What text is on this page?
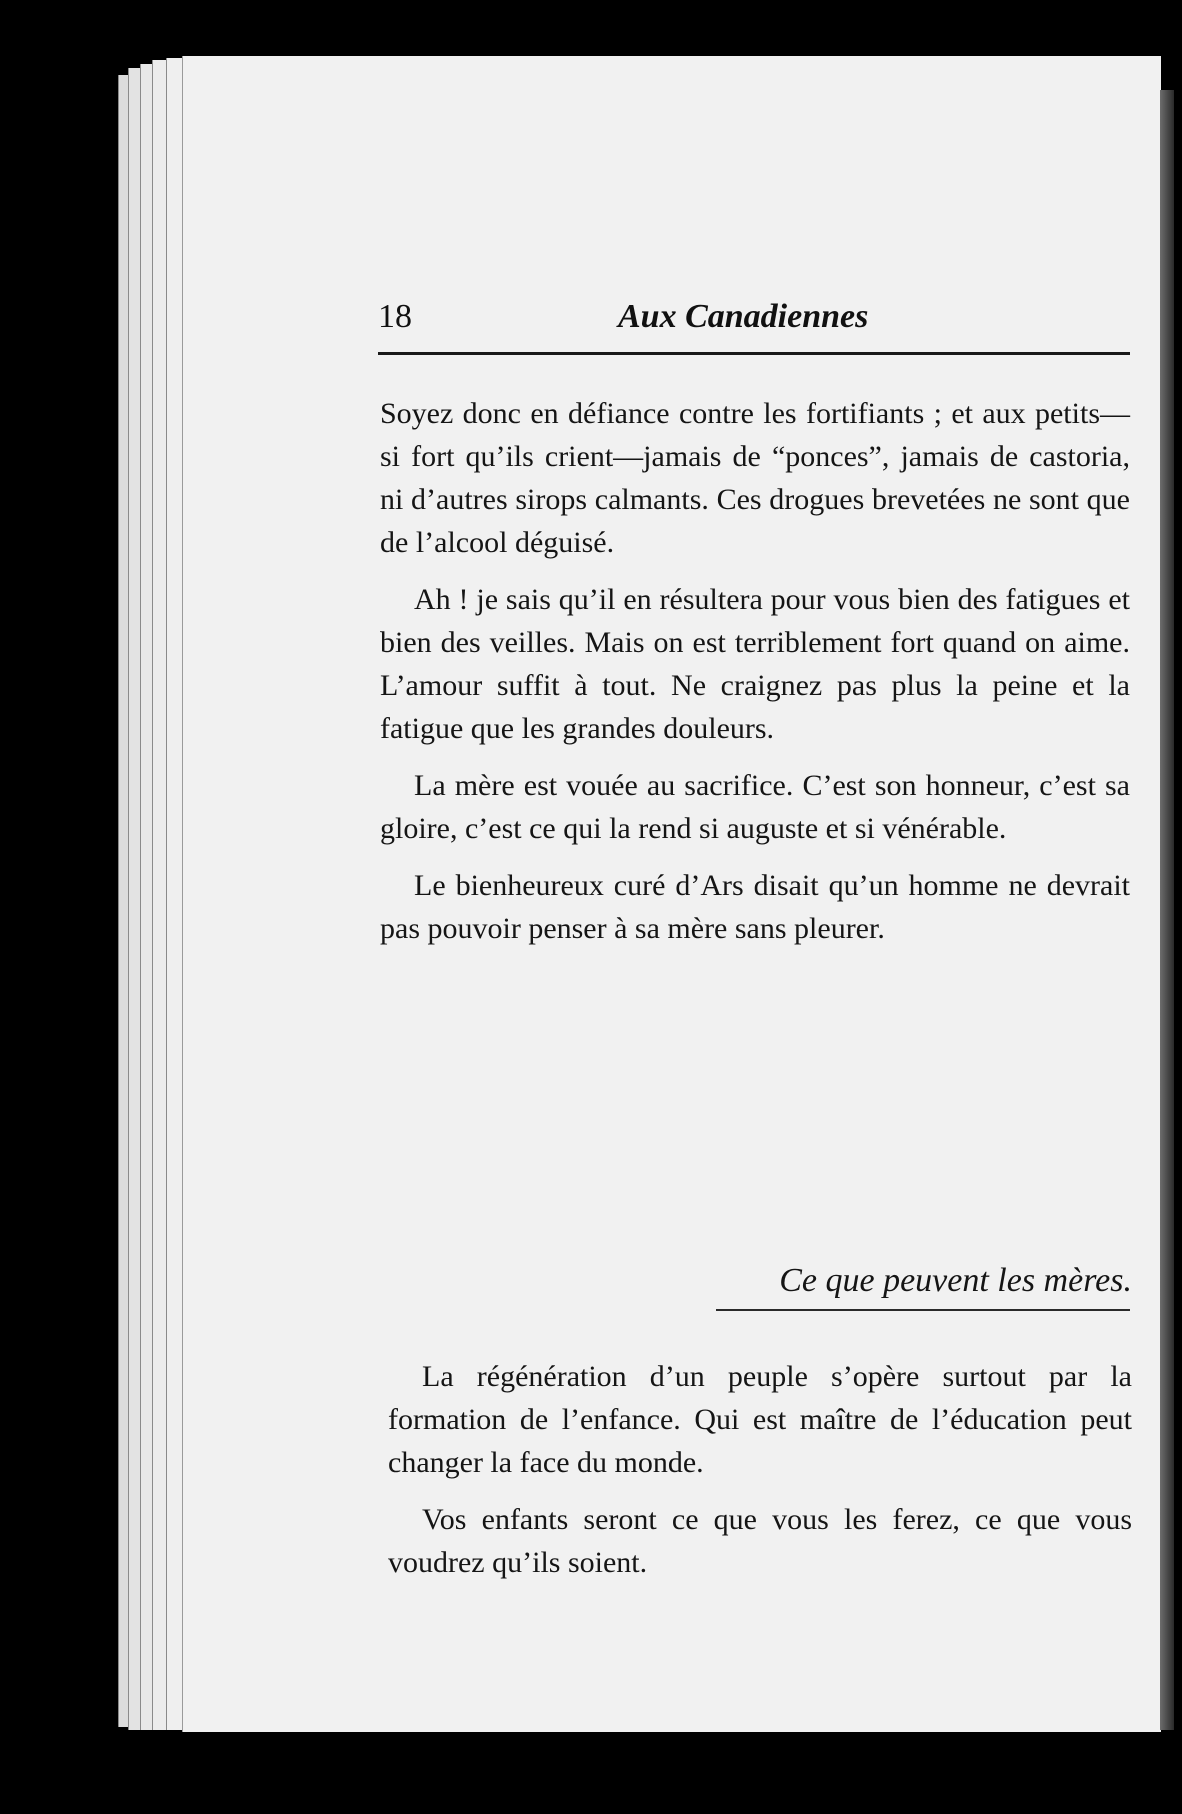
18	Aux Canadiennes

Soyez donc en défiance contre les fortifiants ; et aux petits—si fort qu’ils crient—jamais de “ponces”, jamais de castoria, ni d’autres sirops calmants. Ces drogues brevetées ne sont que de l’alcool déguisé.

Ah ! je sais qu’il en résultera pour vous bien des fatigues et bien des veilles. Mais on est terriblement fort quand on aime. L’amour suffit à tout. Ne craignez pas plus la peine et la fatigue que les grandes douleurs.

La mère est vouée au sacrifice. C’est son honneur, c’est sa gloire, c’est ce qui la rend si auguste et si vénérable.

Le bienheureux curé d’Ars disait qu’un homme ne devrait pas pouvoir penser à sa mère sans pleurer.

Ce que peuvent les mères.

La régénération d’un peuple s’opère surtout par la formation de l’enfance. Qui est maître de l’éducation peut changer la face du monde.

Vos enfants seront ce que vous les ferez, ce que vous voudrez qu’ils soient.
